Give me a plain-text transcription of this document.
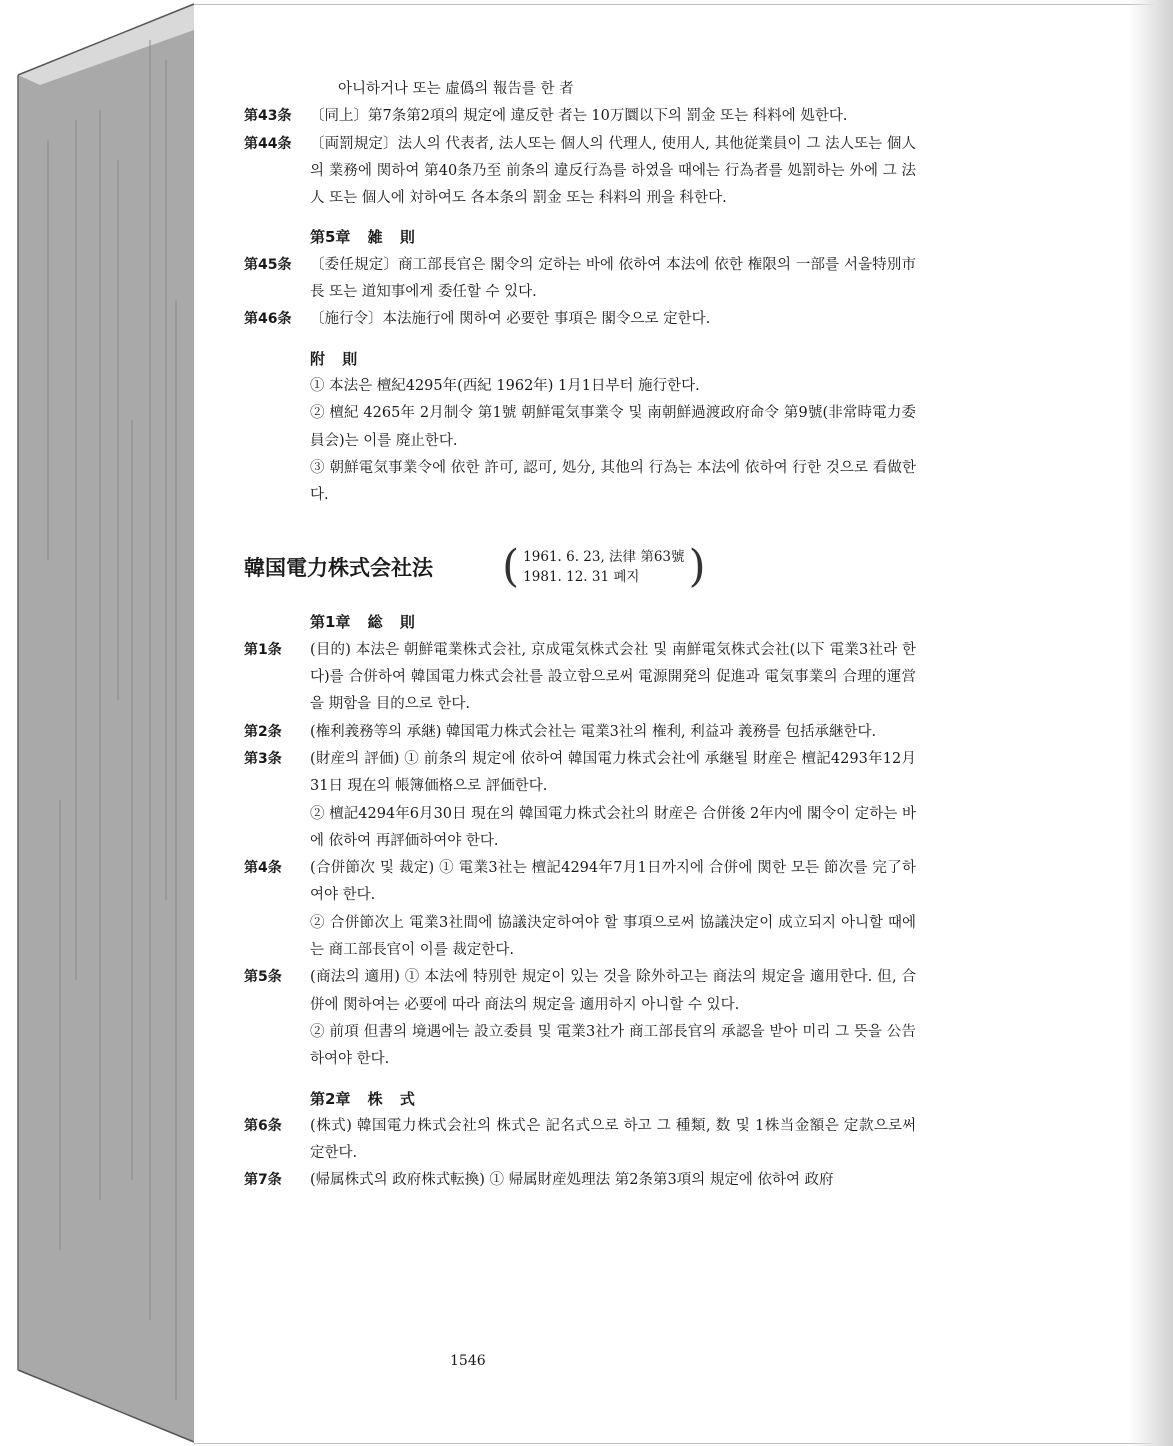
아니하거나 또는 虛僞의 報告를 한 者
第43条	〔同上〕第7条第2項의 規定에 違反한 者는 10万圜以下의 罰金 또는 科料에 処한다.
第44条	〔両罰規定〕法人의 代表者, 法人또는 個人의 代理人, 使用人, 其他従業員이 그 法人또는 個人의 業務에 関하여 第40条乃至 前条의 違反行為를 하였을 때에는 行為者를 処罰하는 外에 그 法人 또는 個人에 対하여도 各本条의 罰金 또는 科料의 刑을 科한다.
第5章 雑 則
第45条	〔委任規定〕商工部長官은 閣令의 定하는 바에 依하여 本法에 依한 権限의 一部를 서울特別市長 또는 道知事에게 委任할 수 있다.
第46条	〔施行令〕本法施行에 関하여 必要한 事項은 閣令으로 定한다.
附 則
① 本法은 檀紀4295年(西紀 1962年) 1月1日부터 施行한다.
② 檀紀 4265年 2月制令 第1號 朝鮮電気事業令 및 南朝鮮過渡政府命令 第9號(非常時電力委員会)는 이를 廃止한다.
③ 朝鮮電気事業令에 依한 許可, 認可, 処分, 其他의 行為는 本法에 依하여 行한 것으로 看做한다.
韓国電力株式会社法	( 1961. 6. 23, 法律 第63號
1981. 12. 31 폐지	)
第1章 総 則
第1条	(目的) 本法은 朝鮮電業株式会社, 京成電気株式会社 및 南鮮電気株式会社(以下 電業3社라 한다)를 合併하여 韓国電力株式会社를 設立함으로써 電源開発의 促進과 電気事業의 合理的運営을 期함을 目的으로 한다.
第2条	(権利義務等의 承継) 韓国電力株式会社는 電業3社의 権利, 利益과 義務를 包括承継한다.
第3条	(財産의 評価) ① 前条의 規定에 依하여 韓国電力株式会社에 承継될 財産은 檀記4293年12月31日 現在의 帳簿価格으로 評価한다.
② 檀記4294年6月30日 現在의 韓国電力株式会社의 財産은 合併後 2年内에 閣令이 定하는 바에 依하여 再評価하여야 한다.
第4条	(合併節次 및 裁定) ① 電業3社는 檀記4294年7月1日까지에 合併에 関한 모든 節次를 完了하여야 한다.
② 合併節次上 電業3社間에 協議決定하여야 할 事項으로써 協議決定이 成立되지 아니할 때에는 商工部長官이 이를 裁定한다.
第5条	(商法의 適用) ① 本法에 特別한 規定이 있는 것을 除外하고는 商法의 規定을 適用한다. 但, 合併에 関하여는 必要에 따라 商法의 規定을 適用하지 아니할 수 있다.
② 前項 但書의 境遇에는 設立委員 및 電業3社가 商工部長官의 承認을 받아 미리 그 뜻을 公告하여야 한다.
第2章 株 式
第6条	(株式) 韓国電力株式会社의 株式은 記名式으로 하고 그 種類, 数 및 1株当金額은 定款으로써 定한다.
第7条	(帰属株式의 政府株式転換) ① 帰属財産処理法 第2条第3項의 規定에 依하여 政府
1546
